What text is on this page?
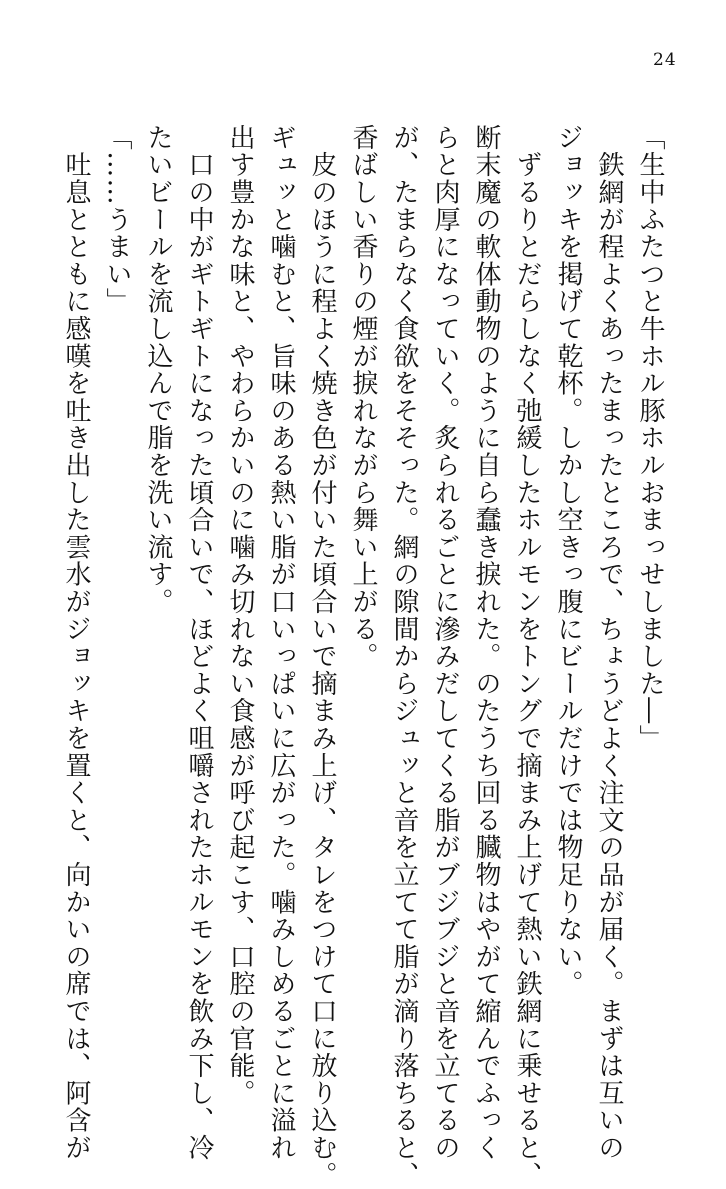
24
「生中ふたつと牛ホル豚ホルおまっせしました―」
　鉄網が程よくあったまったところで、ちょうどよく注文の品が届く。まずは互いの
ジョッキを掲げて乾杯。しかし空きっ腹にビールだけでは物足りない。
　ずるりとだらしなく弛緩したホルモンをトングで摘まみ上げて熱い鉄網に乗せると、
断末魔の軟体動物のように自ら蠢き捩れた。のたうち回る臓物はやがて縮んでふっく
らと肉厚になっていく。炙られるごとに滲みだしてくる脂がブジブジと音を立てるの
が、たまらなく食欲をそそった。網の隙間からジュッと音を立てて脂が滴り落ちると、
香ばしい香りの煙が捩れながら舞い上がる。
　皮のほうに程よく焼き色が付いた頃合いで摘まみ上げ、タレをつけて口に放り込む。
ギュッと噛むと、旨味のある熱い脂が口いっぱいに広がった。噛みしめるごとに溢れ
出す豊かな味と、やわらかいのに噛み切れない食感が呼び起こす、口腔の官能。
　口の中がギトギトになった頃合いで、ほどよく咀嚼されたホルモンを飲み下し、冷
たいビールを流し込んで脂を洗い流す。
「……うまい」
　吐息とともに感嘆を吐き出した雲水がジョッキを置くと、向かいの席では、阿含が
